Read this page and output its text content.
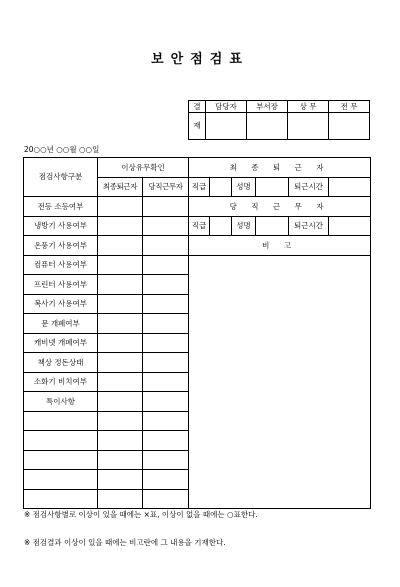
보안점검표
결	담당자	부서장	상 무	전 무
재				
20○○년 ○○월 ○○일
점검사항구분	이상유무확인		최 종 퇴 근 자					
	최종퇴근자	당직근무자	직급		성명		퇴근시간	
전등 소등여부			당 직 근 무 자					
냉방기 사용여부			직급		성명		퇴근시간	
온풍기 사용여부			비 고					
컴퓨터 사용여부								
프린터 사용여부								
복사기 사용여부								
문 개폐여부								
캐비넷 개폐여부								
책상 정돈상태								
소화기 비치여부								
특이사항								

※ 점검사항별로 이상이 있을 때에는 ×표, 이상이 없을 때에는 ○표한다.
※ 점검결과 이상이 있을 때에는 비고란에 그 내용을 기재한다.
